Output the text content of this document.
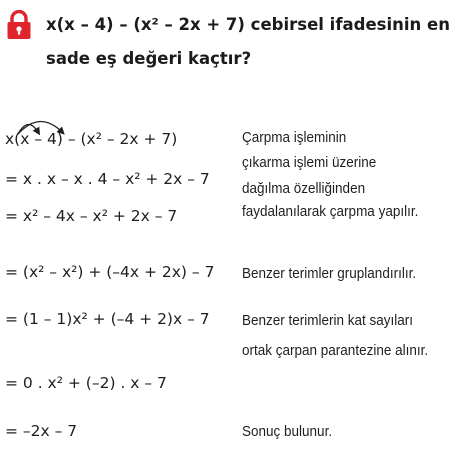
x(x – 4) – (x² – 2x + 7) cebirsel ifadesinin en
sade eş değeri kaçtır?
x(x – 4) – (x² – 2x + 7)
= x . x – x . 4 – x² + 2x – 7
= x² – 4x – x² + 2x – 7
= (x² – x²) + (–4x + 2x) – 7
= (1 – 1)x² + (–4 + 2)x – 7
= 0 . x² + (–2) . x – 7
= –2x – 7
Çarpma işleminin
çıkarma işlemi üzerine
dağılma özelliğinden
faydalanılarak çarpma yapılır.
Benzer terimler gruplandırılır.
Benzer terimlerin kat sayıları
ortak çarpan parantezine alınır.
Sonuç bulunur.
